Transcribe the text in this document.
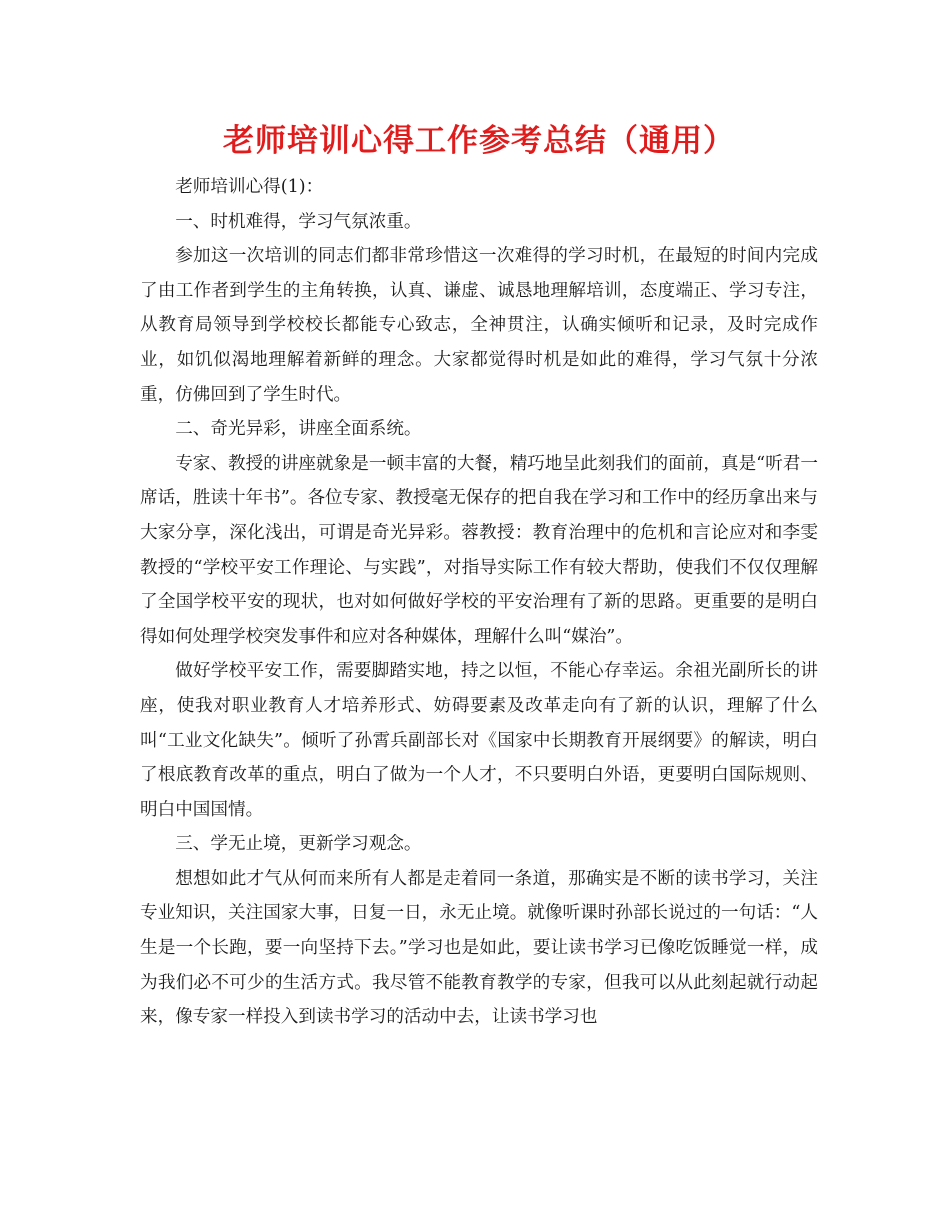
老师培训心得工作参考总结（通用）

老师培训心得(1)：

一、时机难得，学习气氛浓重。

参加这一次培训的同志们都非常珍惜这一次难得的学习时机，在最短的时间内完成了由工作者到学生的主角转换，认真、谦虚、诚恳地理解培训，态度端正、学习专注，从教育局领导到学校校长都能专心致志，全神贯注，认确实倾听和记录，及时完成作业，如饥似渴地理解着新鲜的理念。大家都觉得时机是如此的难得，学习气氛十分浓重，仿佛回到了学生时代。

二、奇光异彩，讲座全面系统。

专家、教授的讲座就象是一顿丰富的大餐，精巧地呈此刻我们的面前，真是“听君一席话，胜读十年书”。各位专家、教授毫无保存的把自我在学习和工作中的经历拿出来与大家分享，深化浅出，可谓是奇光异彩。蓉教授：教育治理中的危机和言论应对和李雯教授的“学校平安工作理论、与实践”，对指导实际工作有较大帮助，使我们不仅仅理解了全国学校平安的现状，也对如何做好学校的平安治理有了新的思路。更重要的是明白得如何处理学校突发事件和应对各种媒体，理解什么叫“媒治”。

做好学校平安工作，需要脚踏实地，持之以恒，不能心存幸运。余祖光副所长的讲座，使我对职业教育人才培养形式、妨碍要素及改革走向有了新的认识，理解了什么叫“工业文化缺失”。倾听了孙霄兵副部长对《国家中长期教育开展纲要》的解读，明白了根底教育改革的重点，明白了做为一个人才，不只要明白外语，更要明白国际规则、明白中国国情。

三、学无止境，更新学习观念。

想想如此才气从何而来所有人都是走着同一条道，那确实是不断的读书学习，关注专业知识，关注国家大事，日复一日，永无止境。就像听课时孙部长说过的一句话：“人生是一个长跑，要一向坚持下去。”学习也是如此，要让读书学习已像吃饭睡觉一样，成为我们必不可少的生活方式。我尽管不能教育教学的专家，但我可以从此刻起就行动起来，像专家一样投入到读书学习的活动中去，让读书学习也
